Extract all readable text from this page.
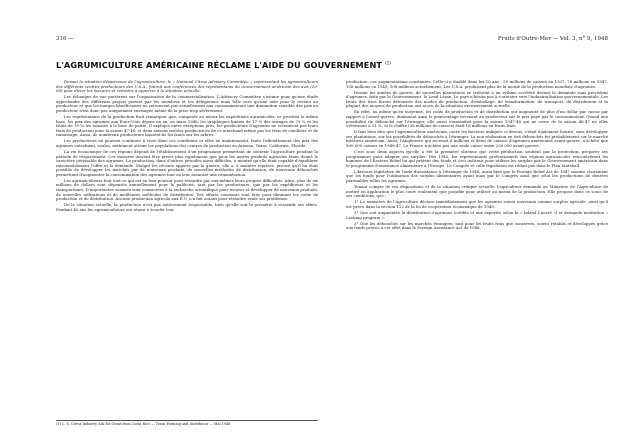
316 —	Fruits d'Outre-Mer — Vol. 3, n° 9, 1948
L'AGRUMICULTURE AMÉRICAINE RÉCLAME L'AIDE DU GOUVERNEMENT $^{(1)}$

Devant la situation désastreuse de l'agrumiculture, le « National Citrus Advisory Committee » représentant les agrumiculteurs des différents centres producteurs des U.S.A., fournit aux conférences des représentants du Gouvernement américain des avis (10-08) pour dicter les mesures et remèdes à apporter à la situation actuelle.

Les échanges de vue portèrent sur l'organisation de la commercialisation. L'Advisory Committee s'estime pour qu'une étude approfondie des différents projets permet par les membres et les délégations mais folle sera qu'une aide pour le revenu au producteur et que les marges bénéficiaires ne retrouvent pas actuellement aux consommateurs une diminution sensible des prix au producteur n'est donc pas uniquement envisagée même de la prise trop sévèrement.

Les représentants de la production fruit remarquer que, composés au mieux les expéditions agrumicoles, ce provient la même base, les prix des agrumes aux États-Unis depuis un an, en mars 1948, les graphiques limites de 17 % des oranges de 79 % et les fruits de 39 % les tomates à la base de pairie. Il explique entre exceptions près, les producteurs d'agrumes ne recentrent pas leurs frais de production pour la saison 47-48, et deux saisons restées productrices de ce marchand même pas les frais de cueillette et de ramassage. Aussi, de nombreux producteurs laissent-ils les fruits sur les arbres.

Les producteurs ne peuvent continuer à vivre dans ces conditions et elles ne maintiennent, faute l'effondrement des prix des agrumes entraînent, seules, nettement atteint les populations des centres de production en Arizona, Texas, Californie, Floride.

La vie économique de ces régions dépend de l'établissement d'un programme permettant de soutenir l'agriculture pendant la période de réajustement. Ces mesures doivent être prises plus rapidement que pour les autres produits agricoles étant donné le caractère périssable des agrumes. La production, dans d'autres périodes aussi difficiles, a montré qu'elle était capable d'équilibrer raisonnablement l'offre et la demande. Malgré les récents apports par la guerre, elle a, à maintes reprises, prouvé qu'il lui était possible de développer les marchés par de nouveaux produits, de nouvelles méthodes de distribution, de nouveaux débouchés permettant d'augmenter la consommation des agrumes tout en leur assurant une rémunération.

Les agrumiculteurs font tout ce qui est en leur pouvoir pour résoudre par eux-mêmes leurs propres difficultés. Ainsi, plus de six millions de dollars sont dépensés annuellement pour la publicité, tant par les producteurs, que par les expéditeurs et les transporteurs. D'importantes sommes sont consacrées à la recherche scientifique pour trouver et développer de nouveaux produits, de nouvelles utilisations et de meilleures méthodes de distribution. Des efforts constants sont faits pour diminuer les coûts de production et de distribution. Aucune production agricole aux É.U. n'a fait autant pour résoudre seule ses problèmes.

De la situation actuelle, la production n'est pas entièrement responsable, bien qu'elle soit la première à ressentir ses effets. Pendant 40 ans les agrumiculteurs ont réussi à écouler leur

(1) C. S. Citrus Industry Ask for Grant from Costa Rico — Trans Farming and Distributor — Mai 1948.

production: ces augmentations constantes. Celle-ci a doublé dans les 10 ans : 55 millions de caisses en 1937, 76 millions en 1947, 108 millions en 1945, 108 millions actuellement. Les U.S.A. produisent plus de la moitié de la production mondiale d'agrumes.

Durant les années de guerre, de nouvelles plantations se créèrent à un rythme accéléré devant la demande sans précédent d'agrumes, faite par le Gouvernement, le Lend-Lease. Le pays n'hésita pas à s'orienter vers l'industrialisation gouvernementale. Les fruits des trois furent détournés des modes de production, d'emballage, de transformation, de transport, de distribution et la plupart des moyens de production ont accru de la situation excessivement actuelle.

En effet, au même qu'en moyenne, les coûts de production et de distribution ont augmenté de plus d'un dollar par caisse par rapport à l'avant-guerre, diminuant ainsi le pourcentage revenant au producteur sur le prix payé par le consommateur. Quand une possibilité de débouché sur l'étranger, elle aussi s'amoindrit pour la saison 1947-48 qui ne cesse de la saison 46-47 où elles s'élevaient à 21 %, et le chiffre (26 millions de caisses) était 16 millions en fruits frais.

Il faut bien dire que l'agrumiculteur américain, outre les facteurs indiqués ci-dessus, s'était également heurté, sans développer ses plantations, sur les possibilités de débouchés à l'étranger. La non-réalisation en tirà débouchés fut probablement sur le marché intérieur américain. Ainsi, l'Angleterre qui recevait 8 millions et demi de caisses d'agrumes américains avant-guerre, n'achète que 800.000 caisses en 1946-47. Le France n'achète pas une seule caisse entre 250.000 avant-guerre.

C'est sous deux aspects qu'elle a été la première obtenue que cette production soutient par la protection, preparer ses programmes pour adapter ses surplus. Dès 1945, les représentants professionnels des régions agrumicoles rencontrèrent les hommes de l'Eastern Relief lui qui prêtent des fonds et ceci inditrait pour utiliser les surplus par le Gouvernement américain dans le programme d'assistance alimentaire à l'Europe. Le Congrès et celle législation est réduit pas dans le Plan Marshall.

L'histoire législative de l'aide d'assistance à l'étranger de 1948, aussi bien que le Foreign Relief Act de 1947 montre clairement que les fonds pour l'utilisation des surplus alimentaires ayant mais par le Congrès ainsi que celui les productions de denrées périssables telles les agrumes.

Tenant compte de ces dispositions et de la situation critique actuelle, l'agriculteur demande au Ministère de l'Agriculture de mettre en application le plus court roulement que possible pour utiliser au mieux de la production. Elle propose donc ce souci de ses conditions, que :

1° Le ministère de l'Agriculture déclare immédiatement que les agrumes soient nouveaux comme surplus agricole, ainsi qu'il est prévu dans la section 112 de la loi de coopération économique de 1948.

2° Que soit augmentée la distribution d'agrumes (crédits et aux exportés selon la « Inland Lucaré ») et demande institution « Looking program ».

3° Que les débouchés sur les marchés étrangers, tant pour les fruits frais que conservés, soient rétablis et développés grâce aux fonds prévus à cet effet dans le Foreign Assistance Act de 1948.
